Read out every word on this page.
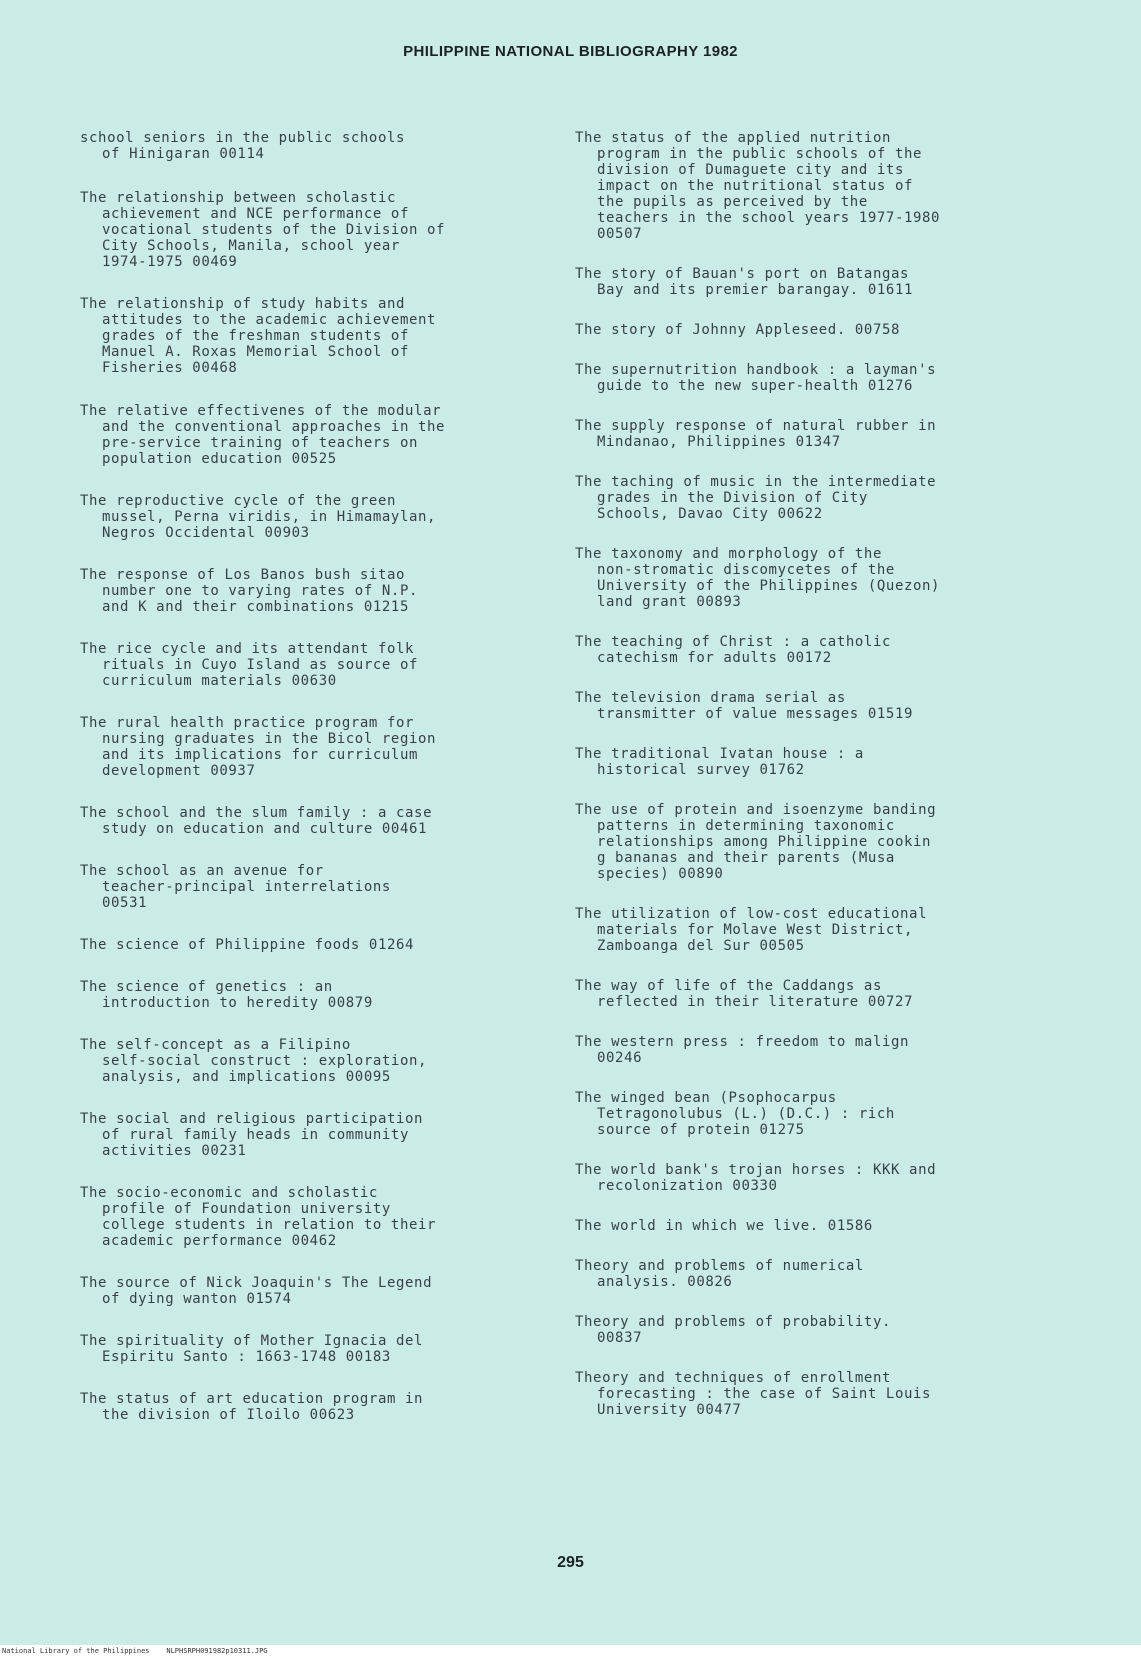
PHILIPPINE NATIONAL BIBLIOGRAPHY 1982
school seniors in the public schools
of Hinigaran 00114
The relationship between scholastic
achievement and NCE performance of
vocational students of the Division of
City Schools, Manila, school year
1974-1975 00469
The relationship of study habits and
attitudes to the academic achievement
grades of the freshman students of
Manuel A. Roxas Memorial School of
Fisheries 00468
The relative effectivenes of the modular
and the conventional approaches in the
pre-service training of teachers on
population education 00525
The reproductive cycle of the green
mussel, Perna viridis, in Himamaylan,
Negros Occidental 00903
The response of Los Banos bush sitao
number one to varying rates of N.P.
and K and their combinations 01215
The rice cycle and its attendant folk
rituals in Cuyo Island as source of
curriculum materials 00630
The rural health practice program for
nursing graduates in the Bicol region
and its implications for curriculum
development 00937
The school and the slum family : a case
study on education and culture 00461
The school as an avenue for
teacher-principal interrelations
00531
The science of Philippine foods 01264
The science of genetics : an
introduction to heredity 00879
The self-concept as a Filipino
self-social construct : exploration,
analysis, and implications 00095
The social and religious participation
of rural family heads in community
activities 00231
The socio-economic and scholastic
profile of Foundation university
college students in relation to their
academic performance 00462
The source of Nick Joaquin's The Legend
of dying wanton 01574
The spirituality of Mother Ignacia del
Espiritu Santo : 1663-1748 00183
The status of art education program in
the division of Iloilo 00623
The status of the applied nutrition
program in the public schools of the
division of Dumaguete city and its
impact on the nutritional status of
the pupils as perceived by the
teachers in the school years 1977-1980
00507
The story of Bauan's port on Batangas
Bay and its premier barangay. 01611
The story of Johnny Appleseed. 00758
The supernutrition handbook : a layman's
guide to the new super-health 01276
The supply response of natural rubber in
Mindanao, Philippines 01347
The taching of music in the intermediate
grades in the Division of City
Schools, Davao City 00622
The taxonomy and morphology of the
non-stromatic discomycetes of the
University of the Philippines (Quezon)
land grant 00893
The teaching of Christ : a catholic
catechism for adults 00172
The television drama serial as
transmitter of value messages 01519
The traditional Ivatan house : a
historical survey 01762
The use of protein and isoenzyme banding
patterns in determining taxonomic
relationships among Philippine cookin
g bananas and their parents (Musa
species) 00890
The utilization of low-cost educational
materials for Molave West District,
Zamboanga del Sur 00505
The way of life of the Caddangs as
reflected in their literature 00727
The western press : freedom to malign
00246
The winged bean (Psophocarpus
Tetragonolubus (L.) (D.C.) : rich
source of protein 01275
The world bank's trojan horses : KKK and
recolonization 00330
The world in which we live. 01586
Theory and problems of numerical
analysis. 00826
Theory and problems of probability.
00837
Theory and techniques of enrollment
forecasting : the case of Saint Louis
University 00477
295
National Library of the Philippines NLPHSRPH091982p10311.JPG
